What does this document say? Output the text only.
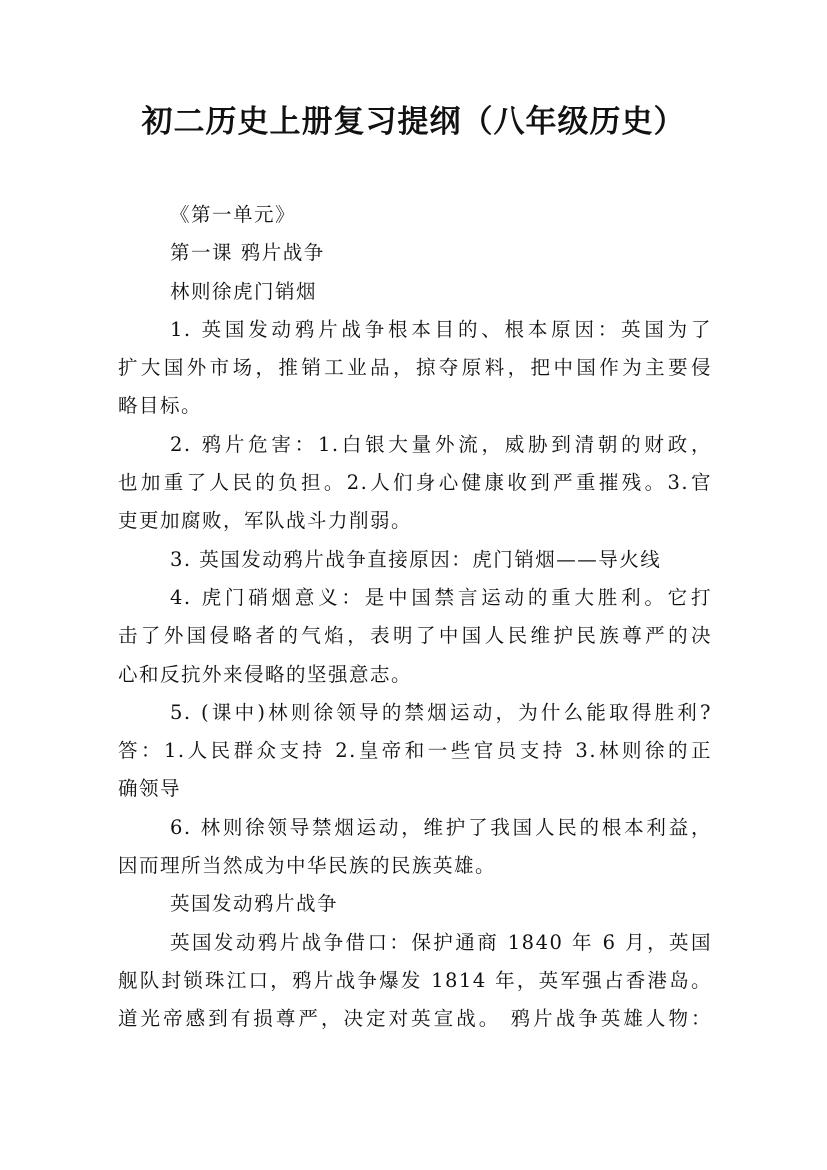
初二历史上册复习提纲（八年级历史）
《第一单元》
第一课 鸦片战争
林则徐虎门销烟
1. 英国发动鸦片战争根本目的、根本原因：英国为了
扩大国外市场，推销工业品，掠夺原料，把中国作为主要侵
略目标。
2. 鸦片危害：1.白银大量外流，威胁到清朝的财政，
也加重了人民的负担。2.人们身心健康收到严重摧残。3.官
吏更加腐败，军队战斗力削弱。
3. 英国发动鸦片战争直接原因：虎门销烟——导火线
4. 虎门硝烟意义：是中国禁言运动的重大胜利。它打
击了外国侵略者的气焰，表明了中国人民维护民族尊严的决
心和反抗外来侵略的坚强意志。
5. (课中)林则徐领导的禁烟运动，为什么能取得胜利?
答：1.人民群众支持 2.皇帝和一些官员支持 3.林则徐的正
确领导
6. 林则徐领导禁烟运动，维护了我国人民的根本利益，
因而理所当然成为中华民族的民族英雄。
英国发动鸦片战争
英国发动鸦片战争借口：保护通商 1840 年 6 月，英国
舰队封锁珠江口，鸦片战争爆发 1814 年，英军强占香港岛。
道光帝感到有损尊严，决定对英宣战。 鸦片战争英雄人物：
